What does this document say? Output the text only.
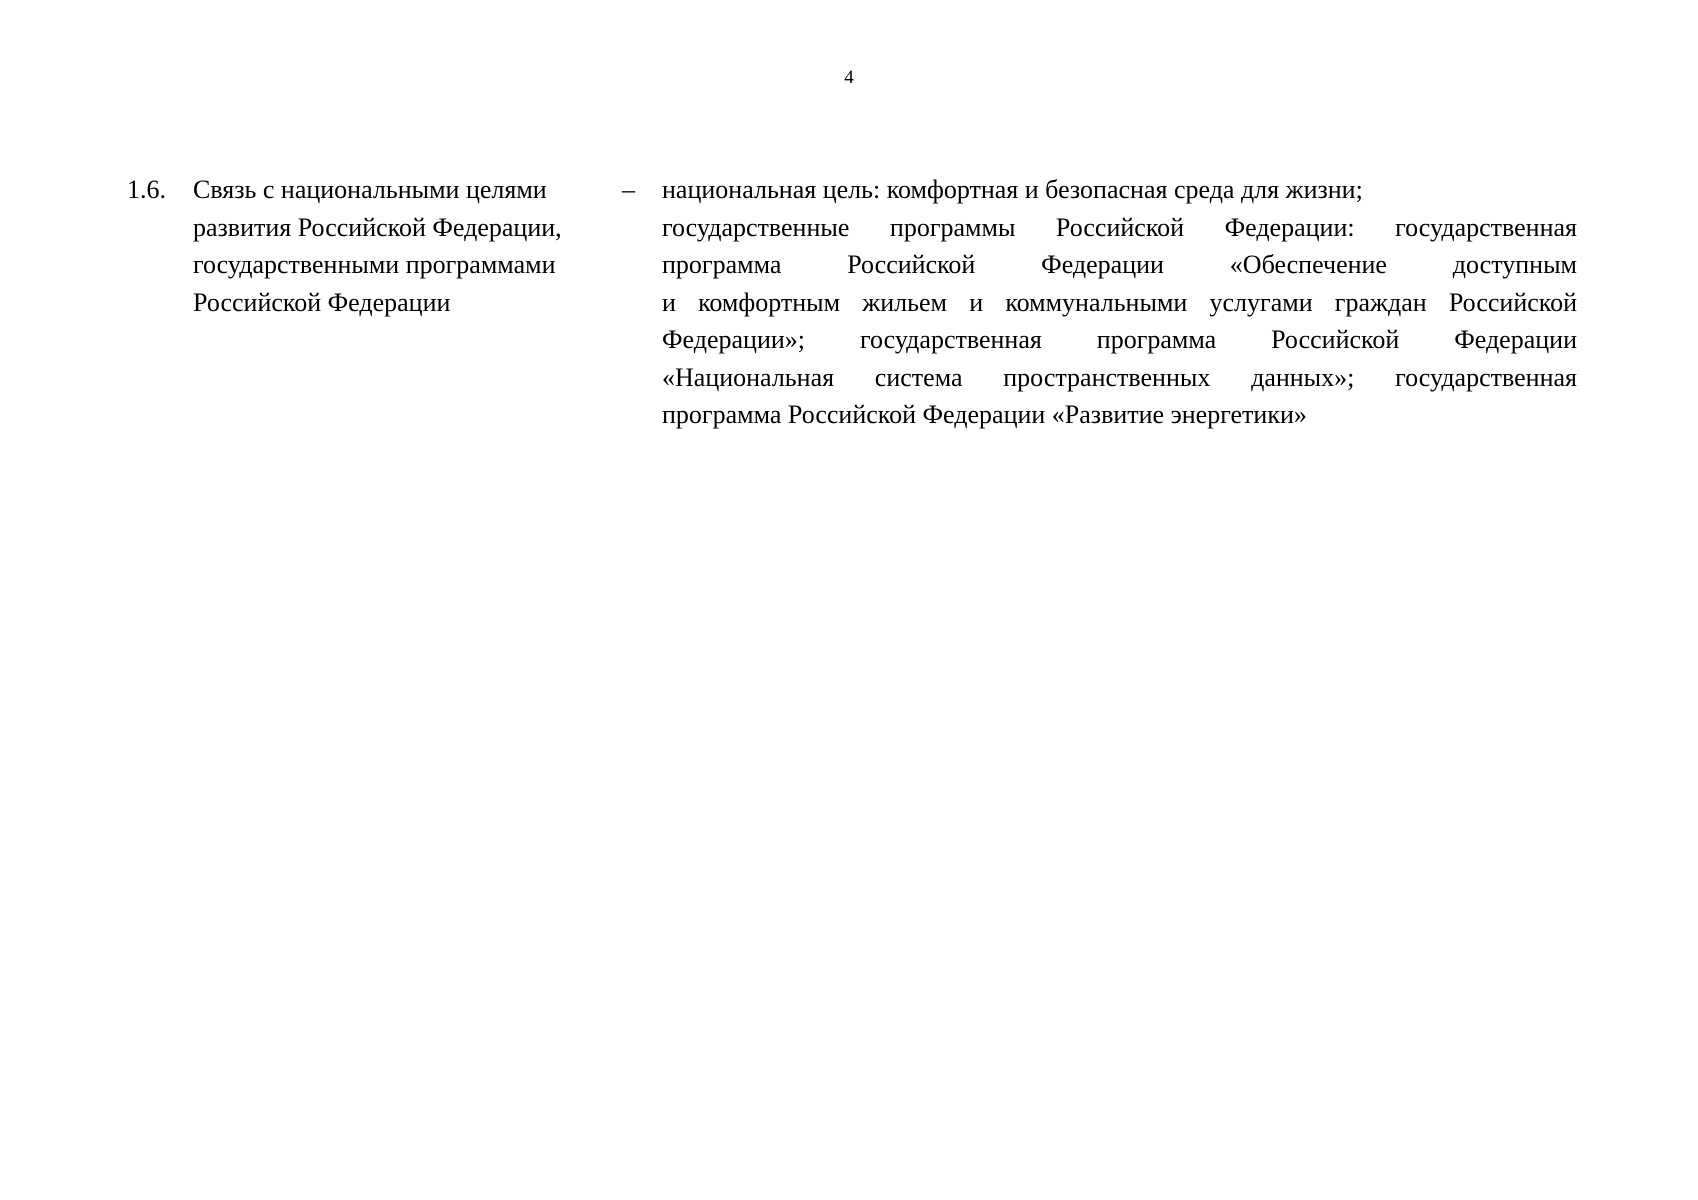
4
1.6. Связь с национальными целями
развития Российской Федерации,
государственными программами
Российской Федерации
– национальная цель: комфортная и безопасная среда для жизни;
государственные программы Российской Федерации: государственная
программа Российской Федерации «Обеспечение доступным
и комфортным жильем и коммунальными услугами граждан Российской
Федерации»; государственная программа Российской Федерации
«Национальная система пространственных данных»; государственная
программа Российской Федерации «Развитие энергетики»
